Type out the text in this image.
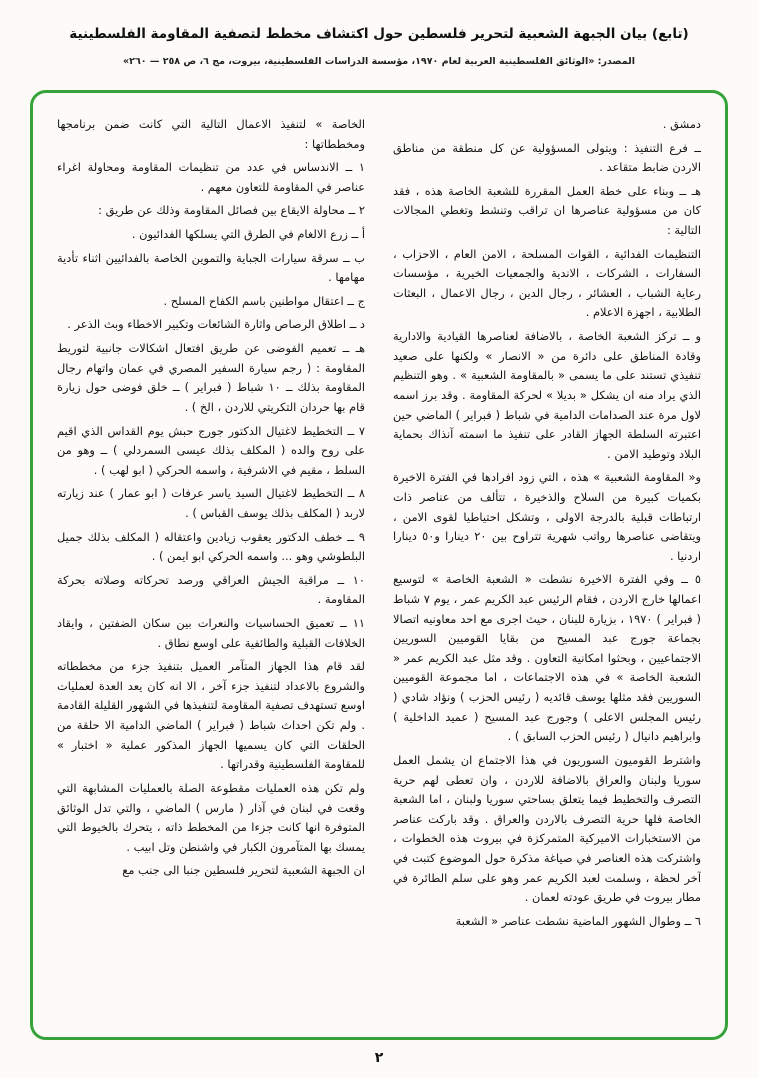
(تابع) بيان الجبهة الشعبية لتحرير فلسطين حول اكتشاف مخطط لتصفية المقاومة الفلسطينية
المصدر: «الوثائق الفلسطينية العربية لعام ١٩٧٠، مؤسسة الدراسات الفلسطينية، بيروت، مج ٦، ص ٢٥٨ — ٢٦٠»

دمشق .

ــ فرع التنفيذ : ويتولى المسؤولية عن كل منطقة من مناطق الاردن ضابط متقاعد .

هـ ــ وبناء على خطة العمل المقررة للشعبة الخاصة هذه ، فقد كان من مسؤولية عناصرها ان تراقب وتنشط وتغطي المجالات التالية :

التنظيمات الفدائية ، القوات المسلحة ، الامن العام ، الاحزاب ، السفارات ، الشركات ، الاندية والجمعيات الخيرية ، مؤسسات رعاية الشباب ، العشائر ، رجال الدين ، رجال الاعمال ، البعثات الطلابية ، اجهزة الاعلام .

و ــ تركز الشعبة الخاصة ، بالاضافة لعناصرها القيادية والادارية وقادة المناطق على دائرة من « الانصار » ولكنها على صعيد تنفيذي تستند على ما يسمى « بالمقاومة الشعبية » . وهو التنظيم الذي يراد منه ان يشكل « بديلا » لحركة المقاومة . وقد برز اسمه لاول مرة عند الصدامات الدامية في شباط ( فبراير ) الماضي حين اعتبرته السلطة الجهاز القادر على تنفيذ ما اسمته آنذاك بحماية البلاد وتوطيد الامن .

و« المقاومة الشعبية » هذه ، التي زود افرادها في الفترة الاخيرة بكميات كبيرة من السلاح والذخيرة ، تتألف من عناصر ذات ارتباطات قبلية بالدرجة الاولى ، وتشكل احتياطيا لقوى الامن ، ويتقاضى عناصرها رواتب شهرية تتراوح بين ٢٠ دينارا و٥٠ دينارا اردنيا .

٥ ــ وفي الفترة الاخيرة نشطت « الشعبة الخاصة » لتوسيع اعمالها خارج الاردن ، فقام الرئيس عبد الكريم عمر ، يوم ٧ شباط ( فبراير ) ١٩٧٠ ، بزيارة للبنان ، حيث اجرى مع احد معاونيه اتصالا بجماعة جورج عبد المسيح من بقايا القوميين السوريين الاجتماعيين ، وبحثوا امكانية التعاون . وقد مثل عبد الكريم عمر « الشعبة الخاصة » في هذه الاجتماعات ، اما مجموعة القوميين السوريين فقد مثلها يوسف قائديه ( رئيس الحزب ) ونؤاد شادي ( رئيس المجلس الاعلى ) وجورج عبد المسيح ( عميد الداخلية ) وابراهيم دانيال ( رئيس الحزب السابق ) .

واشترط القوميون السوريون في هذا الاجتماع ان يشمل العمل سوريا ولبنان والعراق بالاضافة للاردن ، وان تعطى لهم حرية التصرف والتخطيط فيما يتعلق بساحتي سوريا ولبنان ، اما الشعبة الخاصة فلها حرية التصرف بالاردن والعراق . وقد باركت عناصر من الاستخبارات الاميركية المتمركزة في بيروت هذه الخطوات ، واشتركت هذه العناصر في صياغة مذكرة حول الموضوع كتبت في آخر لحظة ، وسلمت لعبد الكريم عمر وهو على سلم الطائرة في مطار بيروت في طريق عودته لعمان .

٦ ــ وطوال الشهور الماضية نشطت عناصر « الشعبة

الخاصة » لتنفيذ الاعمال التالية التي كانت ضمن برنامجها ومخططاتها :

١ ــ الاندساس في عدد من تنظيمات المقاومة ومحاولة اغراء عناصر في المقاومة للتعاون معهم .

٢ ــ محاولة الايقاع بين فصائل المقاومة وذلك عن طريق :

أ ــ زرع الالغام في الطرق التي يسلكها الفدائيون .

ب ــ سرقة سيارات الجباية والتموين الخاصة بالفدائيين اثناء تأدية مهامها .

ج ــ اعتقال مواطنين باسم الكفاح المسلح .

د ــ اطلاق الرصاص واثارة الشائعات وتكبير الاخطاء وبث الذعر .

هـ ــ تعميم الفوضى عن طريق افتعال اشكالات جانبية لتوريط المقاومة : ( رجم سيارة السفير المصري في عمان واتهام رجال المقاومة بذلك ــ ١٠ شباط ( فبراير ) ــ خلق فوضى حول زيارة قام بها حردان التكريتي للاردن ، الخ ) .

٧ ــ التخطيط لاغتيال الدكتور جورج حبش يوم القداس الذي اقيم على روح والده ( المكلف بذلك عيسى السمردلي ) ــ وهو من السلط ، مقيم في الاشرفية ، واسمه الحركي ( ابو لهب ) .

٨ ــ التخطيط لاغتيال السيد ياسر عرفات ( ابو عمار ) عند زيارته لاربد ( المكلف بذلك يوسف القباس ) .

٩ ــ خطف الدكتور يعقوب زيادين واعتقاله ( المكلف بذلك جميل البلطوشي وهو ... واسمه الحركي ابو ايمن ) .

١٠ ــ مراقبة الجيش العراقي ورصد تحركاته وصلاته بحركة المقاومة .

١١ ــ تعميق الحساسيات والنعرات بين سكان الضفتين ، وايقاد الخلافات القبلية والطائفية على اوسع نطاق .

لقد قام هذا الجهاز المتآمر العميل بتنفيذ جزء من مخططاته والشروع بالاعداد لتنفيذ جزء آخر ، الا انه كان يعد العدة لعمليات اوسع تستهدف تصفية المقاومة لتنفيذها في الشهور القليلة القادمة . ولم تكن احداث شباط ( فبراير ) الماضي الدامية الا حلقة من الحلقات التي كان يسميها الجهاز المذكور عملية « اختبار » للمقاومة الفلسطينية وقدراتها .

ولم تكن هذه العمليات مقطوعة الصلة بالعمليات المشابهة التي وقعت في لبنان في آذار ( مارس ) الماضي ، والتي تدل الوثائق المتوفرة انها كانت جزءا من المخطط ذاته ، يتحرك بالخيوط التي يمسك بها المتآمرون الكبار في واشنطن وتل ابيب .

ان الجبهة الشعبية لتحرير فلسطين جنبا الى جنب مع

٢
